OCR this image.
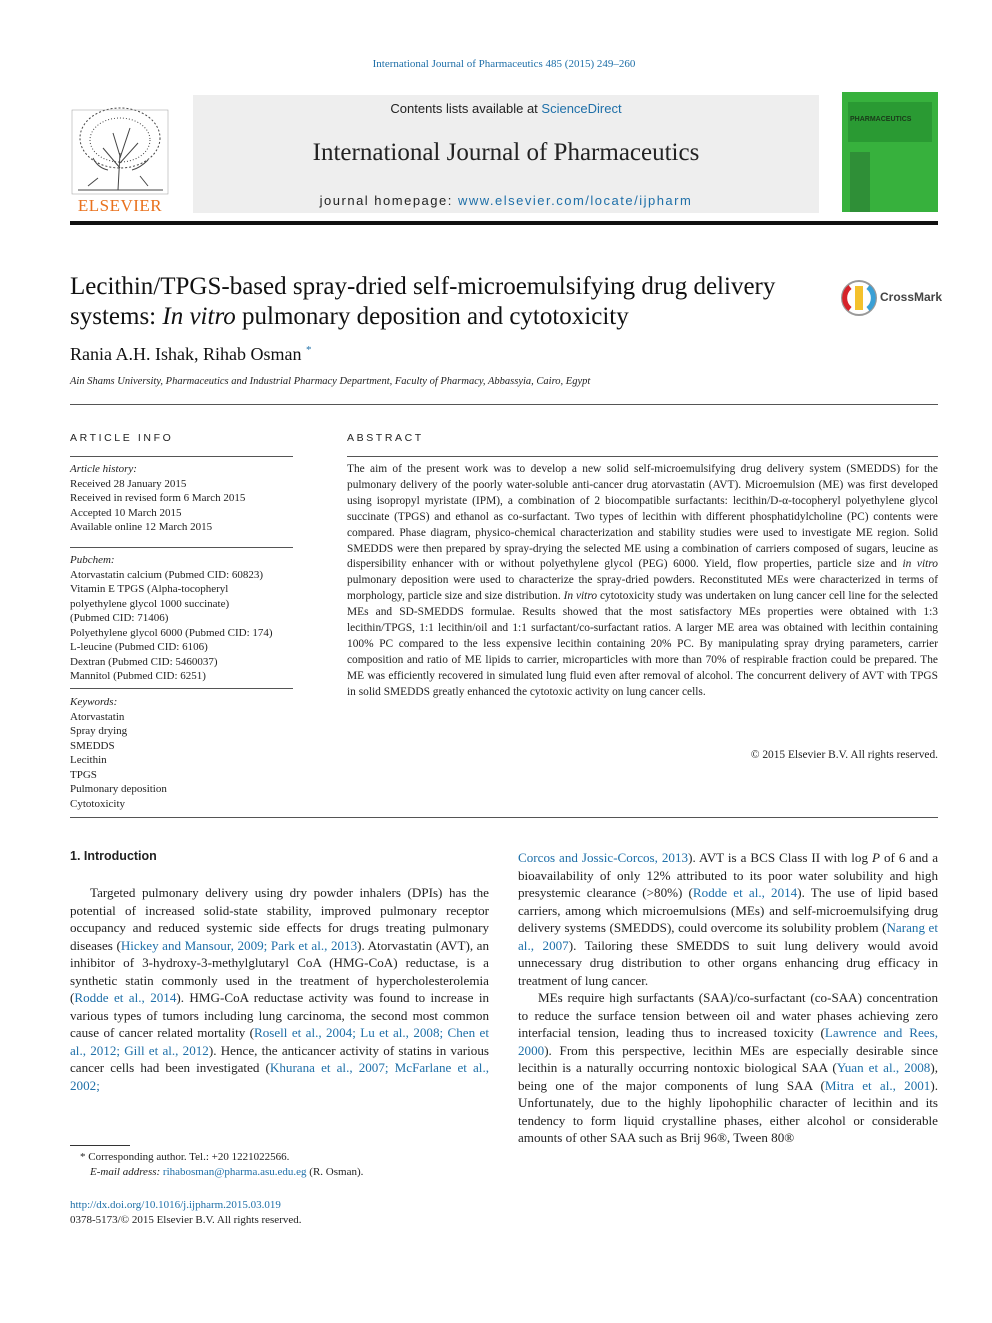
International Journal of Pharmaceutics 485 (2015) 249–260
ELSEVIER
Contents lists available at ScienceDirect
International Journal of Pharmaceutics
journal homepage: www.elsevier.com/locate/ijpharm
PHARMACEUTICS
Lecithin/TPGS-based spray-dried self-microemulsifying drug delivery
systems: In vitro pulmonary deposition and cytotoxicity
CrossMark
Rania A.H. Ishak, Rihab Osman *
Ain Shams University, Pharmaceutics and Industrial Pharmacy Department, Faculty of Pharmacy, Abbassyia, Cairo, Egypt
ARTICLE INFO
Article history:
Received 28 January 2015
Received in revised form 6 March 2015
Accepted 10 March 2015
Available online 12 March 2015
Pubchem:
Atorvastatin calcium (Pubmed CID: 60823)
Vitamin E TPGS (Alpha-tocopheryl
polyethylene glycol 1000 succinate)
(Pubmed CID: 71406)
Polyethylene glycol 6000 (Pubmed CID: 174)
L-leucine (Pubmed CID: 6106)
Dextran (Pubmed CID: 5460037)
Mannitol (Pubmed CID: 6251)
Keywords:
Atorvastatin
Spray drying
SMEDDS
Lecithin
TPGS
Pulmonary deposition
Cytotoxicity
ABSTRACT
The aim of the present work was to develop a new solid self-microemulsifying drug delivery system (SMEDDS) for the pulmonary delivery of the poorly water-soluble anti-cancer drug atorvastatin (AVT). Microemulsion (ME) was first developed using isopropyl myristate (IPM), a combination of 2 biocompatible surfactants: lecithin/D-α-tocopheryl polyethylene glycol succinate (TPGS) and ethanol as co-surfactant. Two types of lecithin with different phosphatidylcholine (PC) contents were compared. Phase diagram, physico-chemical characterization and stability studies were used to investigate ME region. Solid SMEDDS were then prepared by spray-drying the selected ME using a combination of carriers composed of sugars, leucine as dispersibility enhancer with or without polyethylene glycol (PEG) 6000. Yield, flow properties, particle size and in vitro pulmonary deposition were used to characterize the spray-dried powders. Reconstituted MEs were characterized in terms of morphology, particle size and size distribution. In vitro cytotoxicity study was undertaken on lung cancer cell line for the selected MEs and SD-SMEDDS formulae. Results showed that the most satisfactory MEs properties were obtained with 1:3 lecithin/TPGS, 1:1 lecithin/oil and 1:1 surfactant/co-surfactant ratios. A larger ME area was obtained with lecithin containing 100% PC compared to the less expensive lecithin containing 20% PC. By manipulating spray drying parameters, carrier composition and ratio of ME lipids to carrier, microparticles with more than 70% of respirable fraction could be prepared. The ME was efficiently recovered in simulated lung fluid even after removal of alcohol. The concurrent delivery of AVT with TPGS in solid SMEDDS greatly enhanced the cytotoxic activity on lung cancer cells.
© 2015 Elsevier B.V. All rights reserved.
1. Introduction
Targeted pulmonary delivery using dry powder inhalers (DPIs) has the potential of increased solid-state stability, improved pulmonary receptor occupancy and reduced systemic side effects for drugs treating pulmonary diseases (Hickey and Mansour, 2009; Park et al., 2013). Atorvastatin (AVT), an inhibitor of 3-hydroxy-3-methylglutaryl CoA (HMG-CoA) reductase, is a synthetic statin commonly used in the treatment of hypercholesterolemia (Rodde et al., 2014). HMG-CoA reductase activity was found to increase in various types of tumors including lung carcinoma, the second most common cause of cancer related mortality (Rosell et al., 2004; Lu et al., 2008; Chen et al., 2012; Gill et al., 2012). Hence, the anticancer activity of statins in various cancer cells had been investigated (Khurana et al., 2007; McFarlane et al., 2002;

Corcos and Jossic-Corcos, 2013). AVT is a BCS Class II with log P of 6 and a bioavailability of only 12% attributed to its poor water solubility and high presystemic clearance (>80%) (Rodde et al., 2014). The use of lipid based carriers, among which microemulsions (MEs) and self-microemulsifying drug delivery systems (SMEDDS), could overcome its solubility problem (Narang et al., 2007). Tailoring these SMEDDS to suit lung delivery would avoid unnecessary drug distribution to other organs enhancing drug efficacy in treatment of lung cancer.

MEs require high surfactants (SAA)/co-surfactant (co-SAA) concentration to reduce the surface tension between oil and water phases achieving zero interfacial tension, leading thus to increased toxicity (Lawrence and Rees, 2000). From this perspective, lecithin MEs are especially desirable since lecithin is a naturally occurring nontoxic biological SAA (Yuan et al., 2008), being one of the major components of lung SAA (Mitra et al., 2001). Unfortunately, due to the highly lipohophilic character of lecithin and its tendency to form liquid crystalline phases, either alcohol or considerable amounts of other SAA such as Brij 96®, Tween 80®

* Corresponding author. Tel.: +20 1221022566.
E-mail address: rihabosman@pharma.asu.edu.eg (R. Osman).
http://dx.doi.org/10.1016/j.ijpharm.2015.03.019
0378-5173/© 2015 Elsevier B.V. All rights reserved.
